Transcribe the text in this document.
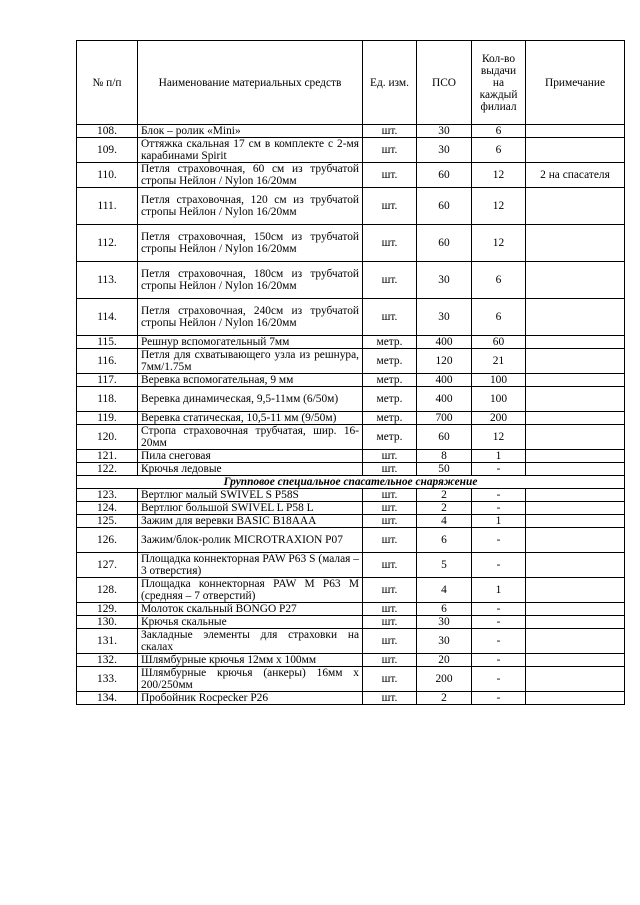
№ п/п	Наименование материальных средств	Ед. изм.	ПСО	Кол-во выдачи на каждый филиал	Примечание
108.	Блок – ролик «Mini»	шт.	30	6	
109.	Оттяжка скальная 17 см в комплекте с 2-мя карабинами Spirit	шт.	30	6	
110.	Петля страховочная, 60 см из трубчатой стропы Нейлон / Nylon 16/20мм	шт.	60	12	2 на спасателя
111.	Петля страховочная, 120 см из трубчатой стропы Нейлон / Nylon 16/20мм	шт.	60	12	
112.	Петля страховочная, 150см из трубчатой стропы Нейлон / Nylon 16/20мм	шт.	60	12	
113.	Петля страховочная, 180см из трубчатой стропы Нейлон / Nylon 16/20мм	шт.	30	6	
114.	Петля страховочная, 240см из трубчатой стропы Нейлон / Nylon 16/20мм	шт.	30	6	
115.	Решнур вспомогательный 7мм	метр.	400	60	
116.	Петля для схватывающего узла из решнура, 7мм/1.75м	метр.	120	21	
117.	Веревка вспомогательная, 9 мм	метр.	400	100	
118.	Веревка динамическая, 9,5-11мм (6/50м)	метр.	400	100	
119.	Веревка статическая, 10,5-11 мм (9/50м)	метр.	700	200	
120.	Стропа страховочная трубчатая, шир. 16-20мм	метр.	60	12	
121.	Пила снеговая	шт.	8	1	
122.	Крючья ледовые	шт.	50	-	
Групповое специальное спасательное снаряжение					
123.	Вертлюг малый SWIVEL S P58S	шт.	2	-	
124.	Вертлюг большой SWIVEL L P58 L	шт.	2	-	
125.	Зажим для веревки BASIC B18AAA	шт.	4	1	
126.	Зажим/блок-ролик MICROTRAXION P07	шт.	6	-	
127.	Площадка коннекторная PAW P63 S (малая – 3 отверстия)	шт.	5	-	
128.	Площадка коннекторная PAW M P63 M (средняя – 7 отверстий)	шт.	4	1	
129.	Молоток скальный BONGO P27	шт.	6	-	
130.	Крючья скальные	шт.	30	-	
131.	Закладные элементы для страховки на скалах	шт.	30	-	
132.	Шлямбурные крючья 12мм х 100мм	шт.	20	-	
133.	Шлямбурные крючья (анкеры) 16мм х 200/250мм	шт.	200	-	
134.	Пробойник Rocpecker P26	шт.	2	-	
